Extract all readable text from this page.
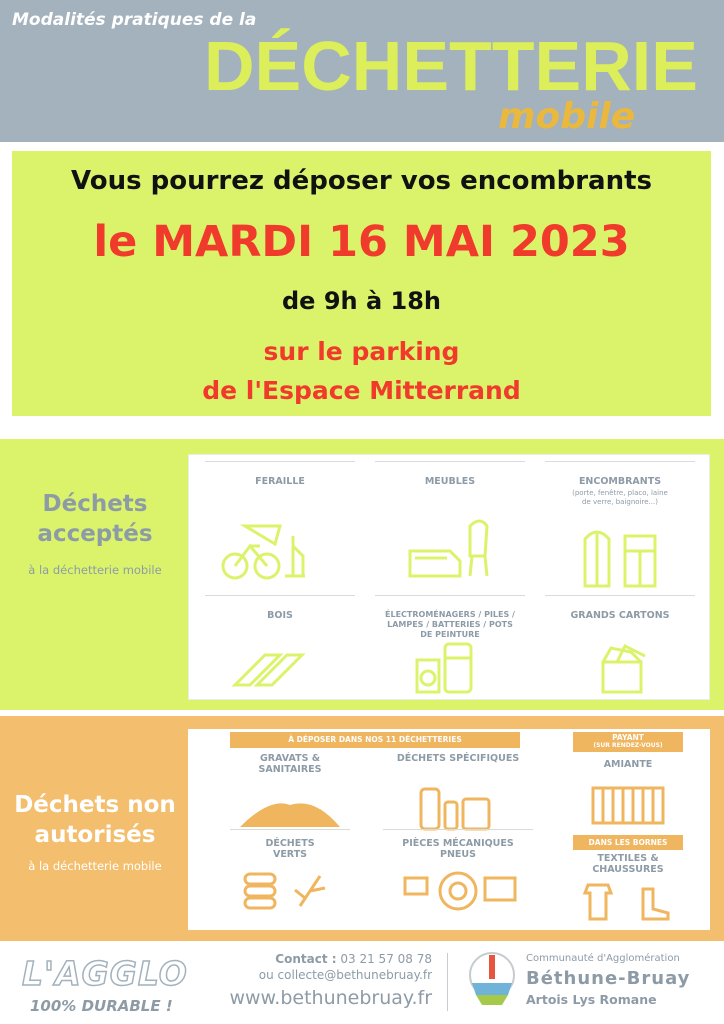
Modalités pratiques de la
DÉCHETTERIE
mobile
Vous pourrez déposer vos encombrants
le MARDI 16 MAI 2023
de 9h à 18h
sur le parking
de l'Espace Mitterrand
Déchets
acceptés
à la déchetterie mobile
FERAILLE	MEUBLES	ENCOMBRANTS
(porte, fenêtre, placo, laine de verre, baignoire...)
BOIS	ÉLECTROMÉNAGERS / PILES / LAMPES / BATTERIES / POTS DE PEINTURE
GRANDS CARTONS
Déchets non
autorisés
à la déchetterie mobile
À DÉPOSER DANS NOS 11 DÉCHETTERIES	PAYANT
(SUR RENDEZ-VOUS)
DANS LES BORNES
GRAVATS &
SANITAIRES
DÉCHETS SPÉCIFIQUES
AMIANTE
DÉCHETS
VERTS
PIÈCES MÉCANIQUES
PNEUS	TEXTILES &
CHAUSSURES
L'AGGLO
100% DURABLE !
Contact : 03 21 57 08 78
ou collecte@bethunebruay.fr
www.bethunebruay.fr
Communauté d'Agglomération
Béthune-Bruay
Artois Lys Romane
